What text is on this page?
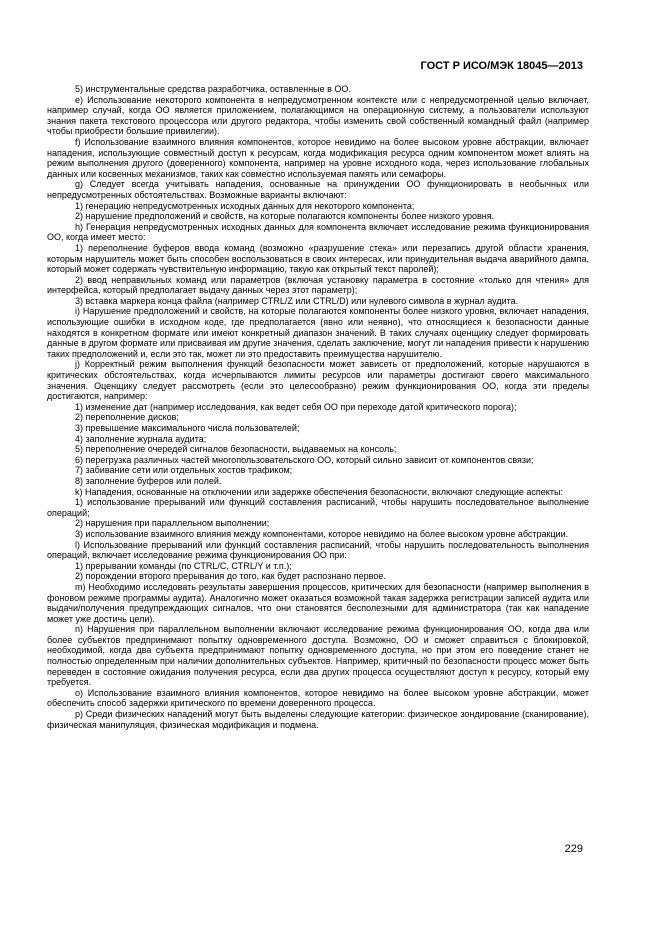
ГОСТ Р ИСО/МЭК 18045—2013

5) инструментальные средства разработчика, оставленные в ОО.

е) Использование некоторого компонента в непредусмотренном контексте или с непредусмотренной целью включает, например случай, когда ОО является приложением, полагающимся на операционную систему, а пользователи используют знания пакета текстового процессора или другого редактора, чтобы изменить свой собственный командный файл (например чтобы приобрести большие привилегии).

f) Использование взаимного влияния компонентов, которое невидимо на более высоком уровне абстракции, включает нападения, использующие совместный доступ к ресурсам, когда модификация ресурса одним компонентом может влиять на режим выполнения другого (доверенного) компонента, например на уровне исходного кода, через использование глобальных данных или косвенных механизмов, таких как совместно используемая память или семафоры.

g) Следует всегда учитывать нападения, основанные на принуждении ОО функционировать в необычных или непредусмотренных обстоятельствах. Возможные варианты включают:

1) генерацию непредусмотренных исходных данных для некоторого компонента;

2) нарушение предположений и свойств, на которые полагаются компоненты более низкого уровня.

h) Генерация непредусмотренных исходных данных для компонента включает исследование режима функционирования ОО, когда имеет место:

1) переполнение буферов ввода команд (возможно «разрушение стека» или перезапись другой области хранения, которым нарушитель может быть способен воспользоваться в своих интересах, или принудительная выдача аварийного дампа, который может содержать чувствительную информацию, такую как открытый текст паролей);

2) ввод неправильных команд или параметров (включая установку параметра в состояние «только для чтения» для интерфейса, который предполагает выдачу данных через этот параметр);

3) вставка маркера конца файла (например CTRL/Z или CTRL/D) или нулевого символа в журнал аудита.

i) Нарушение предположений и свойств, на которые полагаются компоненты более низкого уровня, включает нападения, использующие ошибки в исходном коде, где предполагается (явно или неявно), что относящиеся к безопасности данные находятся в конкретном формате или имеют конкретный диапазон значений. В таких случаях оценщику следует формировать данные в другом формате или присваивая им другие значения, сделать заключение, могут ли нападения привести к нарушению таких предположений и, если это так, может ли это предоставить преимущества нарушителю.

j) Корректный режим выполнения функций безопасности может зависеть от предположений, которые нарушаются в критических обстоятельствах, когда исчерпываются лимиты ресурсов или параметры достигают своего максимального значения. Оценщику следует рассмотреть (если это целесообразно) режим функционирования ОО, когда эти пределы достигаются, например:

1) изменение дат (например исследования, как ведет себя ОО при переходе датой критического порога);

2) переполнение дисков;

3) превышение максимального числа пользователей;

4) заполнение журнала аудита;

5) переполнение очередей сигналов безопасности, выдаваемых на консоль;

6) перегрузка различных частей многопользовательского ОО, который сильно зависит от компонентов связи;

7) забивание сети или отдельных хостов трафиком;

8) заполнение буферов или полей.

k) Нападения, основанные на отключении или задержке обеспечения безопасности, включают следующие аспекты:

1) использование прерываний или функций составления расписаний, чтобы нарушить последовательное выполнение операций;

2) нарушения при параллельном выполнении;

3) использование взаимного влияния между компонентами, которое невидимо на более высоком уровне абстракции.

l) Использование прерываний или функций составления расписаний, чтобы нарушить последовательность выполнения операций, включает исследование режима функционирования ОО при:

1) прерывании команды (по CTRL/C, CTRL/Y и т.п.);

2) порождении второго прерывания до того, как будет распознано первое.

m) Необходимо исследовать результаты завершения процессов, критических для безопасности (например выполнения в фоновом режиме программы аудита). Аналогично может оказаться возможной такая задержка регистрации записей аудита или выдачи/получения предупреждающих сигналов, что они становятся бесполезными для администратора (так как нападение может уже достичь цели).

n) Нарушения при параллельном выполнении включают исследование режима функционирования ОО, когда два или более субъектов предпринимают попытку одновременного доступа. Возможно, ОО и сможет справиться с блокировкой, необходимой, когда два субъекта предпринимают попытку одновременного доступа, но при этом его поведение станет не полностью определенным при наличии дополнительных субъектов. Например, критичный по безопасности процесс может быть переведен в состояние ожидания получения ресурса, если два других процесса осуществляют доступ к ресурсу, который ему требуется.

о) Использование взаимного влияния компонентов, которое невидимо на более высоком уровне абстракции, может обеспечить способ задержки критического по времени доверенного процесса.

р) Среди физических нападений могут быть выделены следующие категории: физическое зондирование (сканирование), физическая манипуляция, физическая модификация и подмена.

229
